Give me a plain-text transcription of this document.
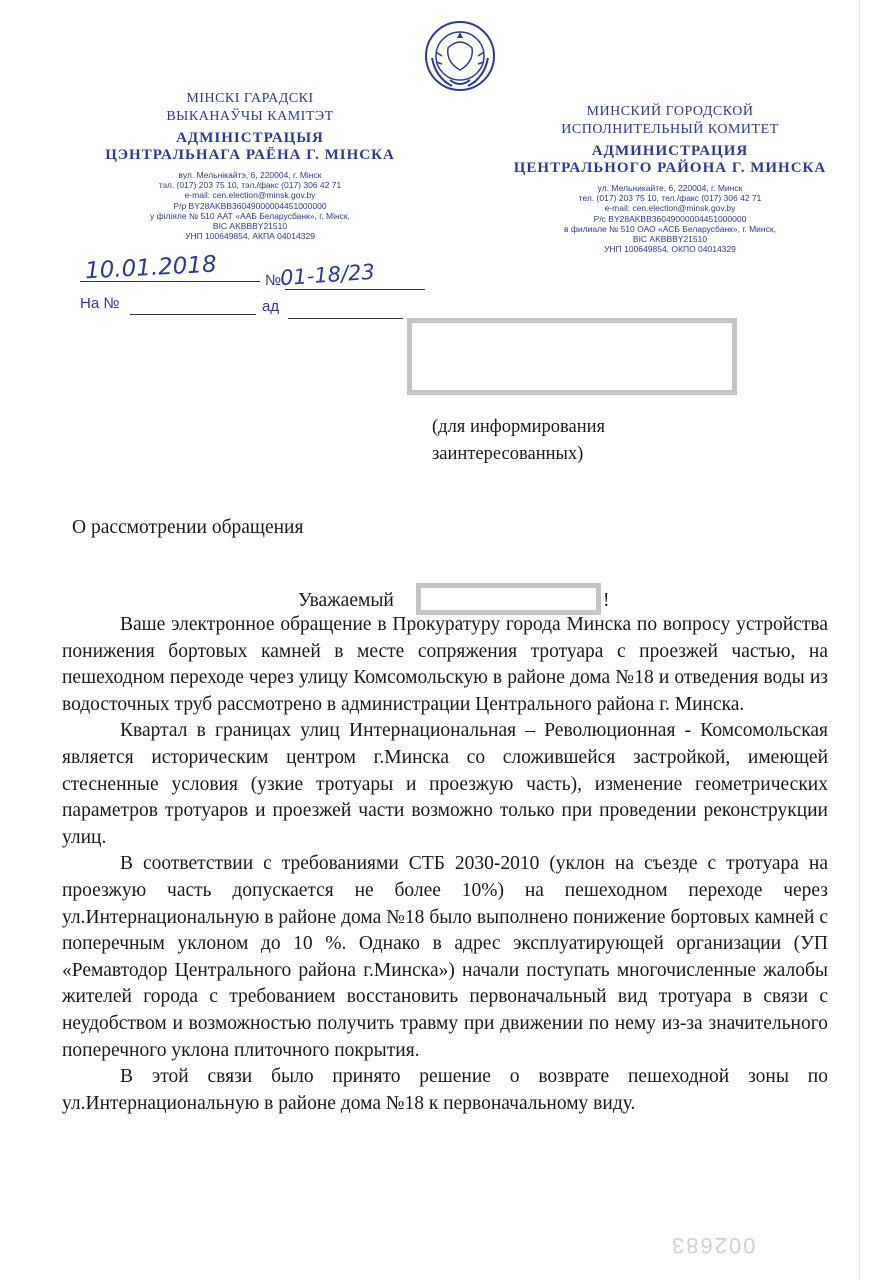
МІНСКІ ГАРАДСКІ
ВЫКАНАЎЧЫ КАМІТЭТ
АДМІНІСТРАЦЫЯ
ЦЭНТРАЛЬНАГА РАЁНА Г. МІНСКА
вул. Мельнікайтэ, 6, 220004, г. Мінск
тэл. (017) 203 75 10, тэл./факс (017) 306 42 71
e-mail: cen.election@minsk.gov.by
Р/р BY28AKBB36049000004451000000
у філіяле № 510 ААТ «ААБ Беларусбанк», г. Мінск,
ВІС AKBBBY21510
УНП 100649854, АКПА 04014329
МИНСКИЙ ГОРОДСКОЙ
ИСПОЛНИТЕЛЬНЫЙ КОМИТЕТ
АДМИНИСТРАЦИЯ
ЦЕНТРАЛЬНОГО РАЙОНА Г. МИНСКА
ул. Мельникайте, 6, 220004, г. Минск
тел. (017) 203 75 10, тел./факс (017) 306 42 71
e-mail: cen.election@minsk.gov.by
Р/с BY28AKBB36049000004451000000
в филиале № 510 ОАО «АСБ Беларусбанк», г. Минск,
ВІС AKBBBY21510
УНП 100649854, ОКПО 04014329
10.01.2018	№
01-18/23
На №	ад
(для информирования
заинтересованных)
О рассмотрении обращения
Уважаемый	!

Ваше электронное обращение в Прокуратуру города Минска по вопросу устройства понижения бортовых камней в месте сопряжения тротуара с проезжей частью, на пешеходном переходе через улицу Комсомольскую в районе дома №18 и отведения воды из водосточных труб рассмотрено в администрации Центрального района г. Минска.

Квартал в границах улиц Интернациональная – Революционная - Комсомольская является историческим центром г.Минска со сложившейся застройкой, имеющей стесненные условия (узкие тротуары и проезжую часть), изменение геометрических параметров тротуаров и проезжей части возможно только при проведении реконструкции улиц.

В соответствии с требованиями СТБ 2030-2010 (уклон на съезде с тротуара на проезжую часть допускается не более 10%) на пешеходном переходе через ул.Интернациональную в районе дома №18 было выполнено понижение бортовых камней с поперечным уклоном до 10 %. Однако в адрес эксплуатирующей организации (УП «Ремавтодор Центрального района г.Минска») начали поступать многочисленные жалобы жителей города с требованием восстановить первоначальный вид тротуара в связи с неудобством и возможностью получить травму при движении по нему из-за значительного поперечного уклона плиточного покрытия.

В этой связи было принято решение о возврате пешеходной зоны по ул.Интернациональную в районе дома №18 к первоначальному виду.

002683
